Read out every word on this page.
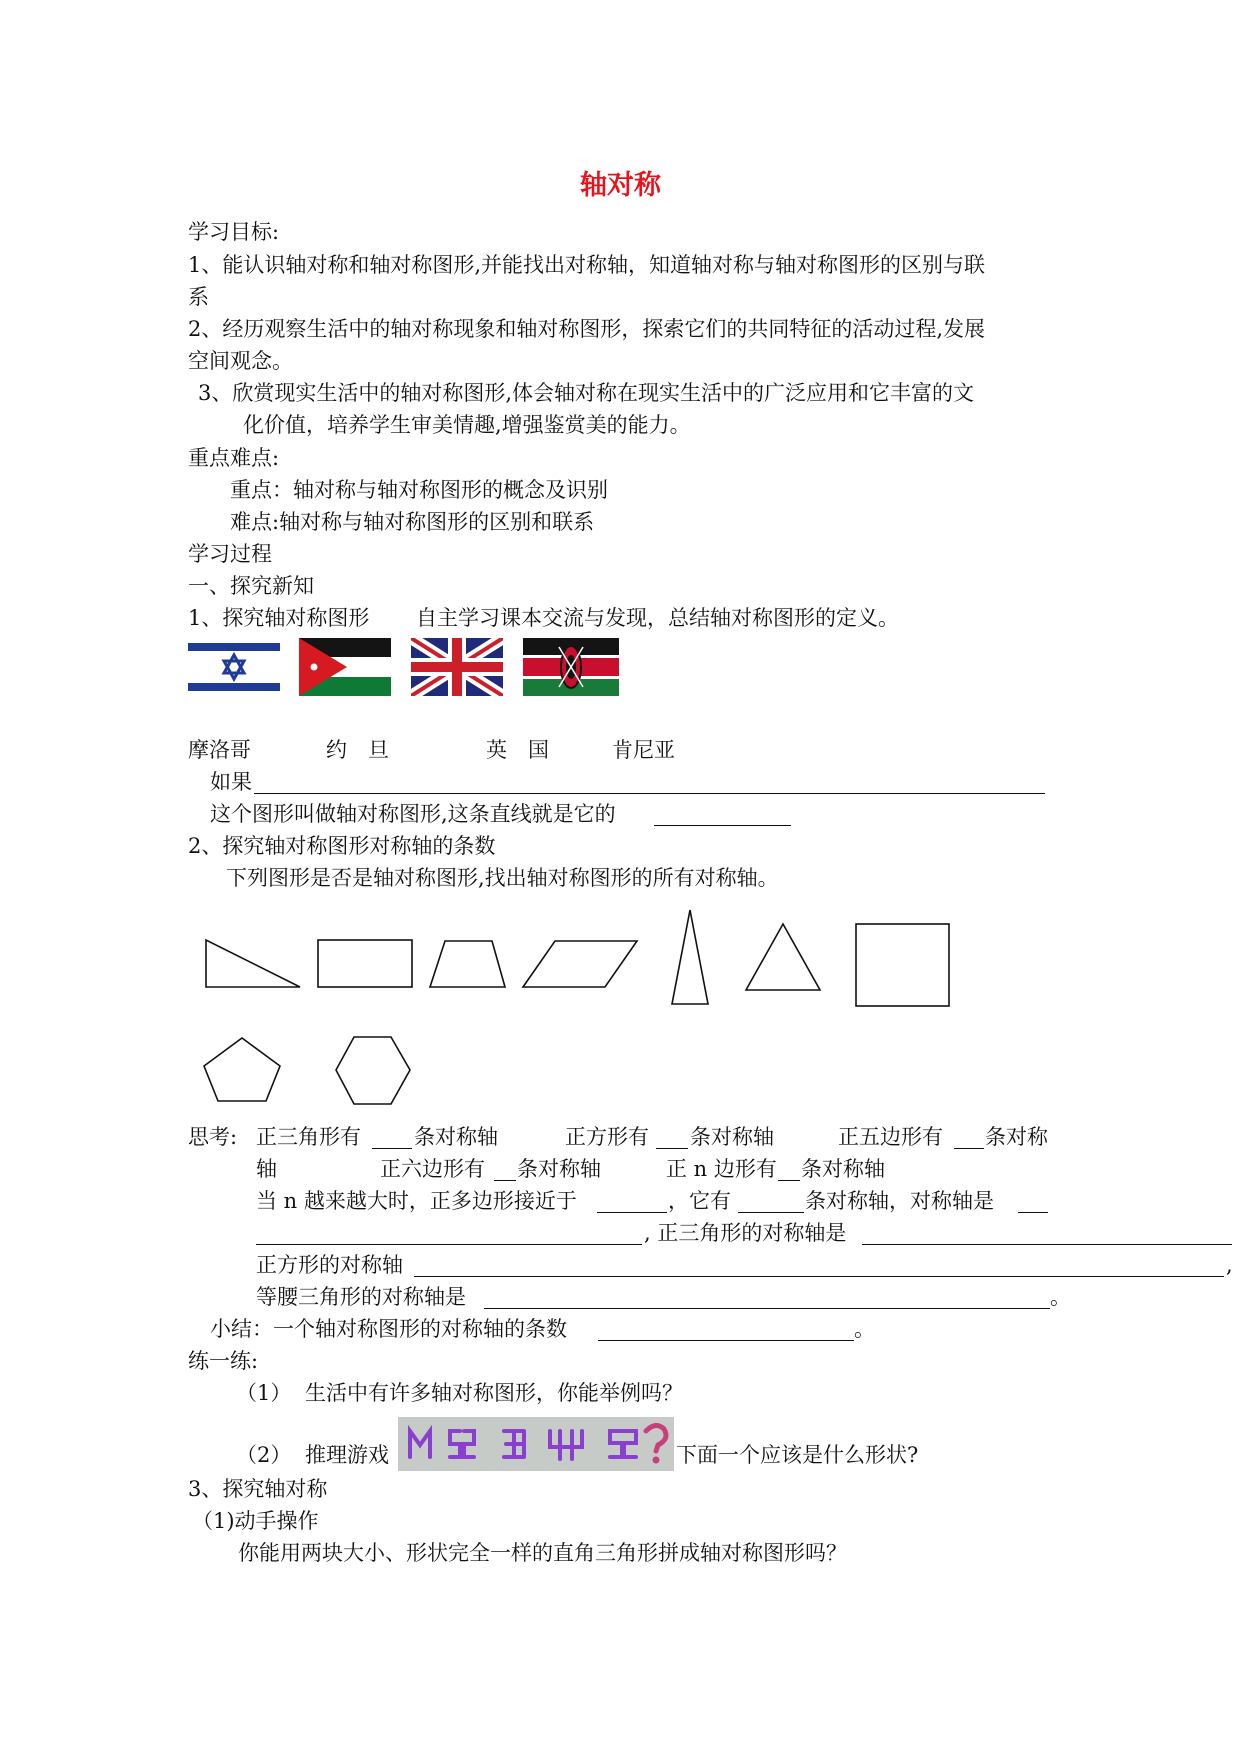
轴对称
学习目标:
1、能认识轴对称和轴对称图形,并能找出对称轴，知道轴对称与轴对称图形的区别与联
系
2、经历观察生活中的轴对称现象和轴对称图形，探索它们的共同特征的活动过程,发展
空间观念。
3、欣赏现实生活中的轴对称图形,体会轴对称在现实生活中的广泛应用和它丰富的文
化价值，培养学生审美情趣,增强鉴赏美的能力。
重点难点:
重点：轴对称与轴对称图形的概念及识别
难点:轴对称与轴对称图形的区别和联系
学习过程
一、探究新知
1、探究轴对称图形 自主学习课本交流与发现，总结轴对称图形的定义。
摩洛哥	约　旦	英　国	肯尼亚
如果
这个图形叫做轴对称图形,这条直线就是它的
2、探究轴对称图形对称轴的条数
下列图形是否是轴对称图形,找出轴对称图形的所有对称轴。
思考: 正三角形有	条对称轴	正方形有 条对称轴	正五边形有 条对称
轴	正六边形有 条对称轴	正 n 边形有 条对称轴
当 n 越来越大时，正多边形接近于	，它有	条对称轴，对称轴是
, 正三角形的对称轴是
正方形的对称轴	,
等腰三角形的对称轴是	。
小结：一个轴对称图形的对称轴的条数	。
练一练:
（1） 生活中有许多轴对称图形，你能举例吗？
（2） 推理游戏	下面一个应该是什么形状?
3、探究轴对称
（1)动手操作
你能用两块大小、形状完全一样的直角三角形拼成轴对称图形吗？
